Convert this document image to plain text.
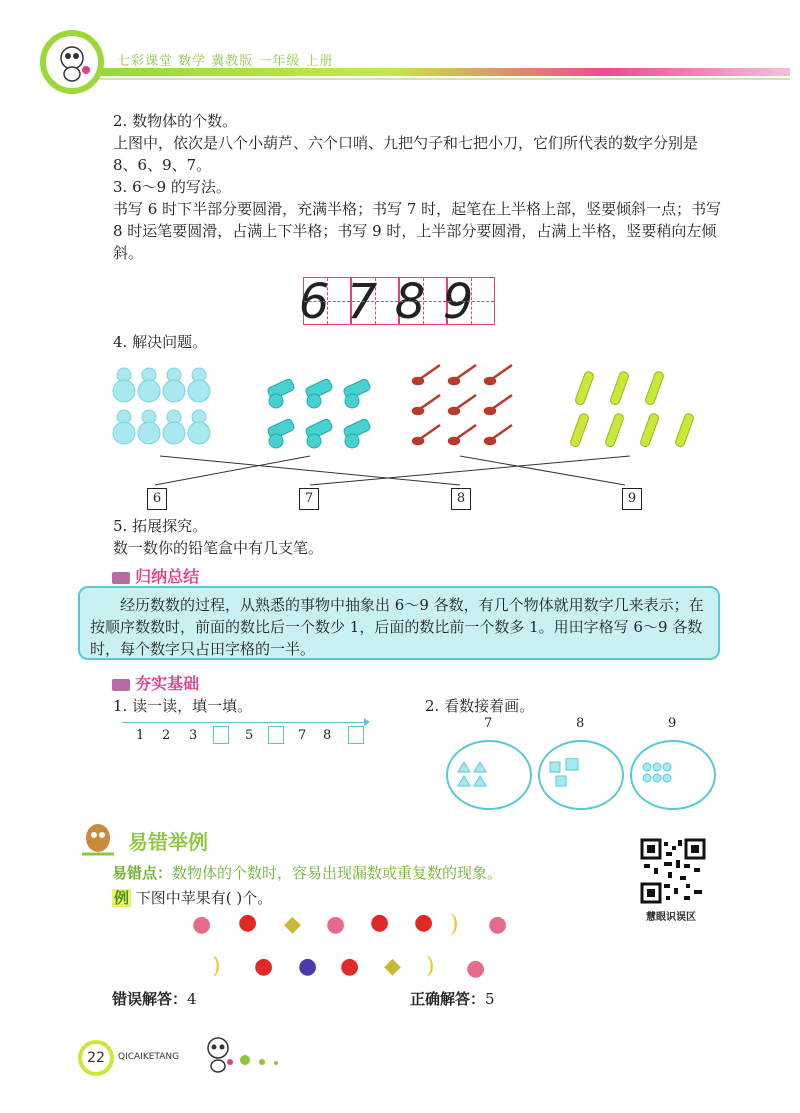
七彩课堂 数学 冀教版 一年级 上册

2. 数物体的个数。

上图中，依次是八个小葫芦、六个口哨、九把勺子和七把小刀，它们所代表的数字分别是 8、6、9、7。

3. 6～9 的写法。

书写 6 时下半部分要圆滑，充满半格；书写 7 时，起笔在上半格上部，竖要倾斜一点；书写 8 时运笔要圆滑，占满上下半格；书写 9 时，上半部分要圆滑，占满上半格，竖要稍向左倾斜。

6 7 8 9

4. 解决问题。

6	7	8	9

5. 拓展探究。

数一数你的铅笔盒中有几支笔。

归纳总结

经历数数的过程，从熟悉的事物中抽象出 6～9 各数，有几个物体就用数字几来表示；在按顺序数数时，前面的数比后一个数少 1，后面的数比前一个数多 1。用田字格写 6～9 各数时，每个数字只占田字格的一半。

夯实基础
1. 读一读，填一填。	2. 看数接着画。
1 2 3	5	7 8
7	8	9
易错举例
易错点：数物体的个数时，容易出现漏数或重复数的现象。
例 下图中苹果有( )个。
● ● ◆ ● ● ● ) ●
) ● ● ● ◆ ) ●
错误解答：4	正确解答：5
慧眼识误区
22	QICAIKETANG
